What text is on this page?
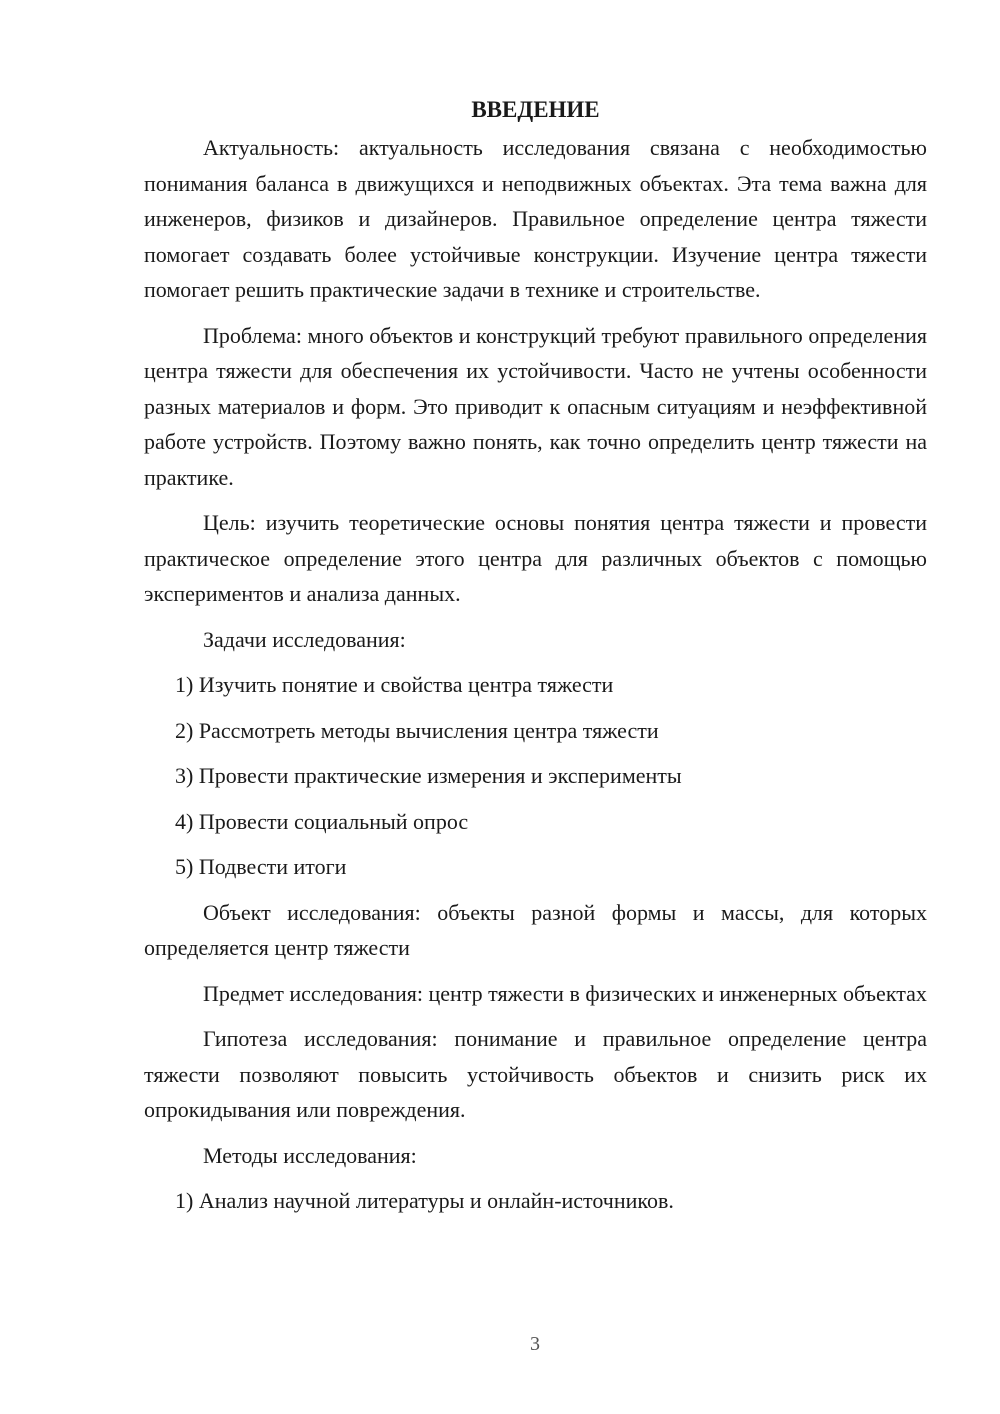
ВВЕДЕНИЕ

Актуальность: актуальность исследования связана с необходимостью понимания баланса в движущихся и неподвижных объектах. Эта тема важна для инженеров, физиков и дизайнеров. Правильное определение центра тяжести помогает создавать более устойчивые конструкции. Изучение центра тяжести помогает решить практические задачи в технике и строительстве.

Проблема: много объектов и конструкций требуют правильного определения центра тяжести для обеспечения их устойчивости. Часто не учтены особенности разных материалов и форм. Это приводит к опасным ситуациям и неэффективной работе устройств. Поэтому важно понять, как точно определить центр тяжести на практике.

Цель: изучить теоретические основы понятия центра тяжести и провести практическое определение этого центра для различных объектов с помощью экспериментов и анализа данных.

Задачи исследования:

1) Изучить понятие и свойства центра тяжести
2) Рассмотреть методы вычисления центра тяжести
3) Провести практические измерения и эксперименты
4) Провести социальный опрос
5) Подвести итоги

Объект исследования: объекты разной формы и массы, для которых определяется центр тяжести

Предмет исследования: центр тяжести в физических и инженерных объектах

Гипотеза исследования: понимание и правильное определение центра тяжести позволяют повысить устойчивость объектов и снизить риск их опрокидывания или повреждения.

Методы исследования:

1) Анализ научной литературы и онлайн-источников.
3
